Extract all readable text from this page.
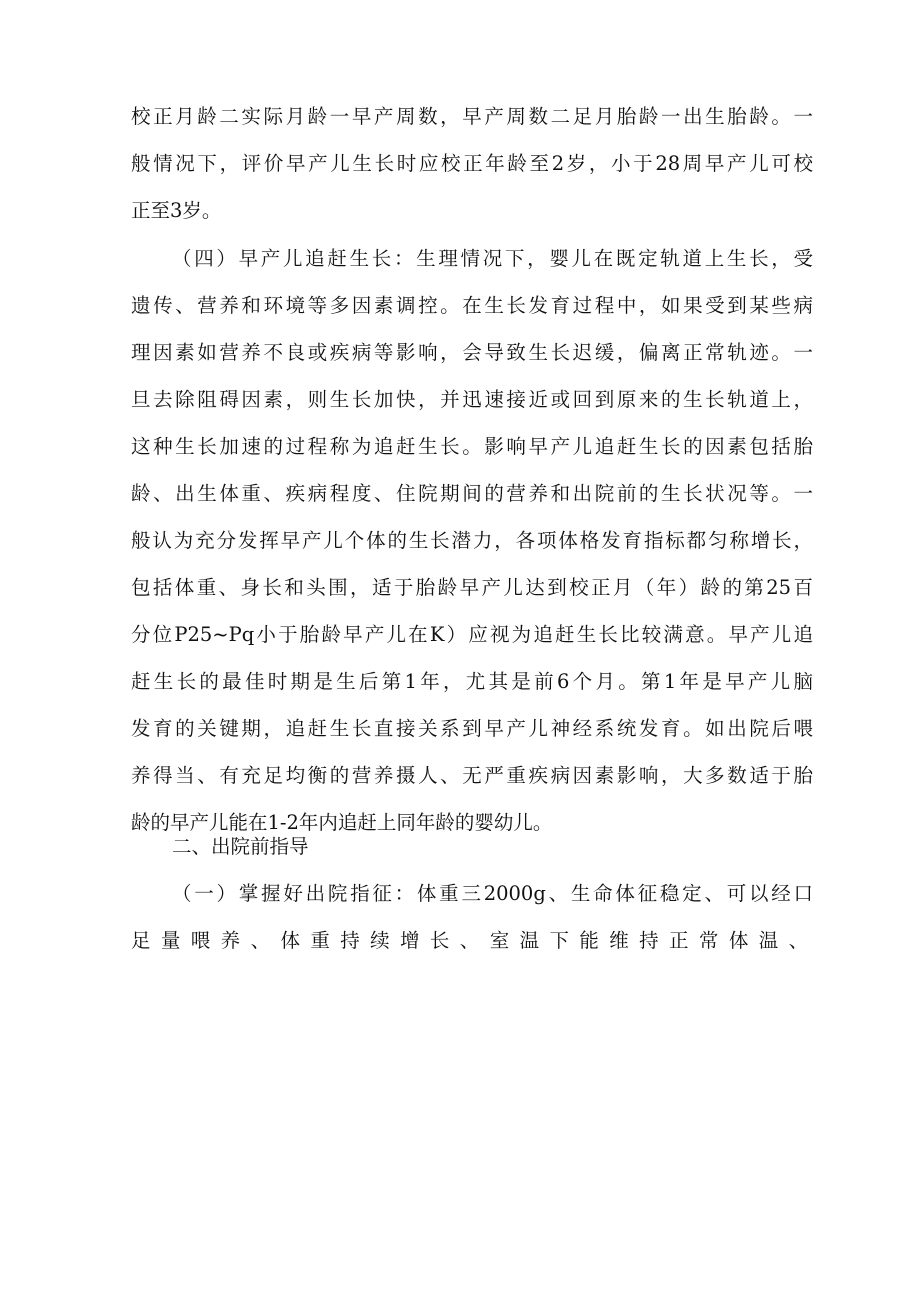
校正月龄二实际月龄一早产周数，早产周数二足月胎龄一出生胎龄。一
般情况下，评价早产儿生长时应校正年龄至2岁，小于28周早产儿可校
正至3岁。

（四）早产儿追赶生长：生理情况下，婴儿在既定轨道上生长，受
遗传、营养和环境等多因素调控。在生长发育过程中，如果受到某些病
理因素如营养不良或疾病等影响，会导致生长迟缓，偏离正常轨迹。一
旦去除阻碍因素，则生长加快，并迅速接近或回到原来的生长轨道上，
这种生长加速的过程称为追赶生长。影响早产儿追赶生长的因素包括胎
龄、出生体重、疾病程度、住院期间的营养和出院前的生长状况等。一
般认为充分发挥早产儿个体的生长潜力，各项体格发育指标都匀称增长，
包括体重、身长和头围，适于胎龄早产儿达到校正月（年）龄的第25百
分位P25~Pq小于胎龄早产儿在K）应视为追赶生长比较满意。早产儿追
赶生长的最佳时期是生后第1年，尤其是前6个月。第1年是早产儿脑
发育的关键期，追赶生长直接关系到早产儿神经系统发育。如出院后喂
养得当、有充足均衡的营养摄人、无严重疾病因素影响，大多数适于胎
龄的早产儿能在1-2年内追赶上同年龄的婴幼儿。

二、出院前指导

（一）掌握好出院指征：体重三2000g、生命体征稳定、可以经口
足量喂养、体重持续增长、室温下能维持正常体温、
